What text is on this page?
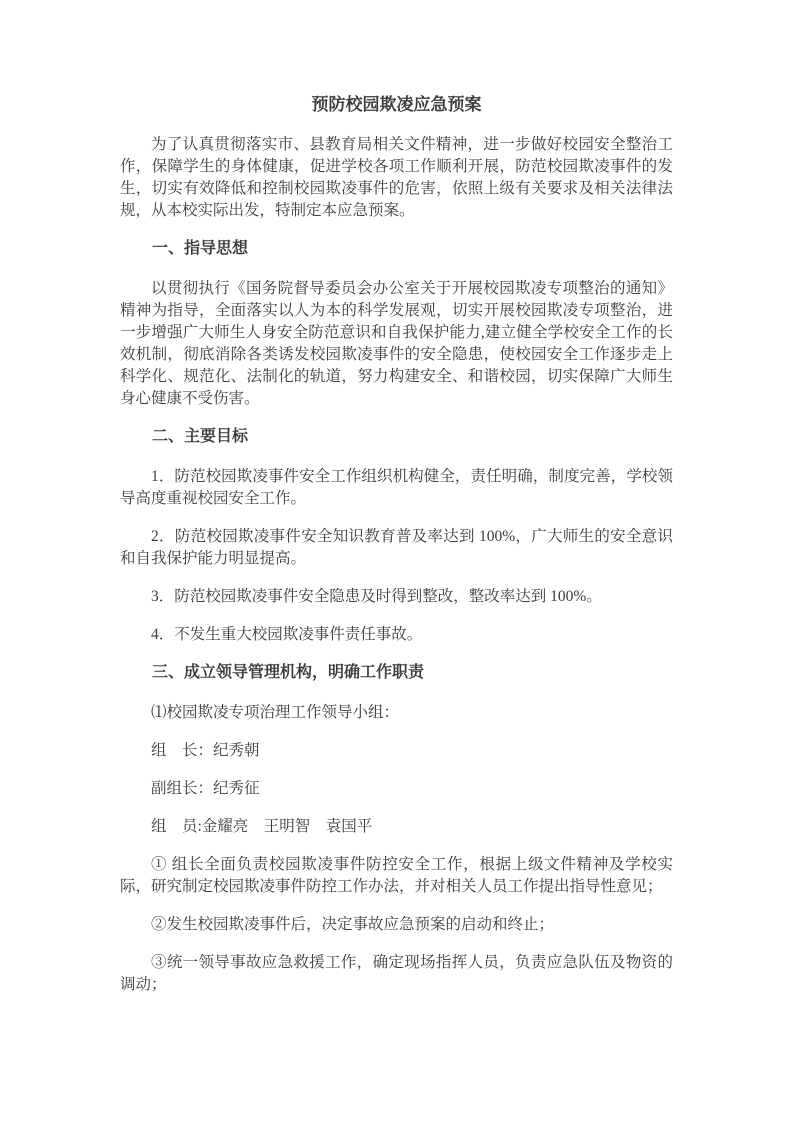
预防校园欺凌应急预案

为了认真贯彻落实市、县教育局相关文件精神，进一步做好校园安全整治工作，保障学生的身体健康，促进学校各项工作顺利开展，防范校园欺凌事件的发生，切实有效降低和控制校园欺凌事件的危害，依照上级有关要求及相关法律法规，从本校实际出发，特制定本应急预案。

一、指导思想

以贯彻执行《国务院督导委员会办公室关于开展校园欺凌专项整治的通知》精神为指导，全面落实以人为本的科学发展观，切实开展校园欺凌专项整治，进一步增强广大师生人身安全防范意识和自我保护能力,建立健全学校安全工作的长效机制，彻底消除各类诱发校园欺凌事件的安全隐患，使校园安全工作逐步走上科学化、规范化、法制化的轨道，努力构建安全、和谐校园，切实保障广大师生身心健康不受伤害。

二、主要目标

1．防范校园欺凌事件安全工作组织机构健全，责任明确，制度完善，学校领导高度重视校园安全工作。

2．防范校园欺凌事件安全知识教育普及率达到 100%，广大师生的安全意识和自我保护能力明显提高。

3．防范校园欺凌事件安全隐患及时得到整改，整改率达到 100%。

4．不发生重大校园欺凌事件责任事故。

三、成立领导管理机构，明确工作职责

⑴校园欺凌专项治理工作领导小组：

组　长：纪秀朝

副组长：纪秀征

组　员:金耀亮　王明智　袁国平

① 组长全面负责校园欺凌事件防控安全工作，根据上级文件精神及学校实际，研究制定校园欺凌事件防控工作办法，并对相关人员工作提出指导性意见；

②发生校园欺凌事件后，决定事故应急预案的启动和终止；

③统一领导事故应急救援工作，确定现场指挥人员，负责应急队伍及物资的调动；
